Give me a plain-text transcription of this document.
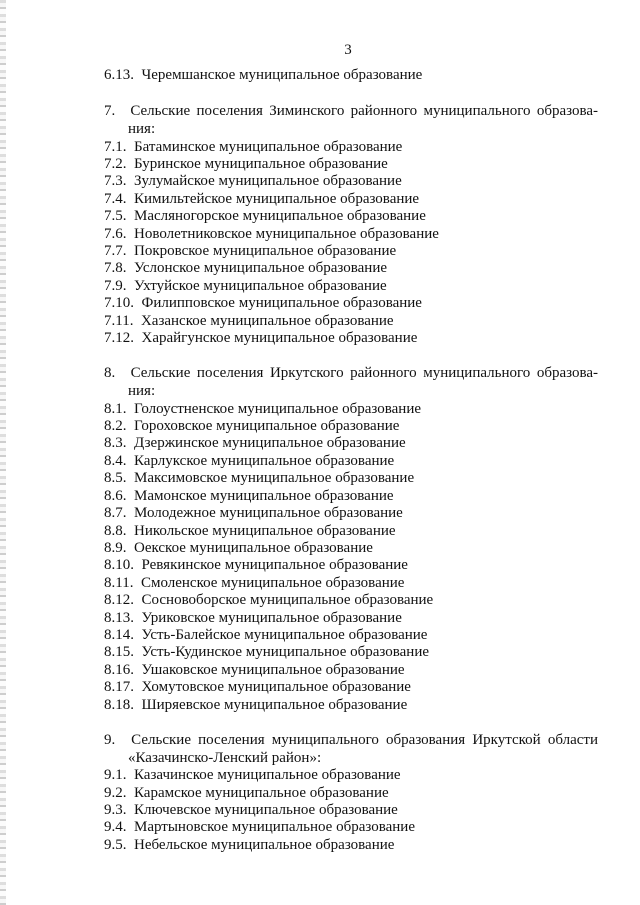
3
6.13. Черемшанское муниципальное образование
7. Сельские поселения Зиминского районного муниципального образова-
ния:
7.1. Батаминское муниципальное образование
7.2. Буринское муниципальное образование
7.3. Зулумайское муниципальное образование
7.4. Кимильтейское муниципальное образование
7.5. Масляногорское муниципальное образование
7.6. Новолетниковское муниципальное образование
7.7. Покровское муниципальное образование
7.8. Услонское муниципальное образование
7.9. Ухтуйское муниципальное образование
7.10. Филипповское муниципальное образование
7.11. Хазанское муниципальное образование
7.12. Харайгунское муниципальное образование
8. Сельские поселения Иркутского районного муниципального образова-
ния:
8.1. Голоустненское муниципальное образование
8.2. Гороховское муниципальное образование
8.3. Дзержинское муниципальное образование
8.4. Карлукское муниципальное образование
8.5. Максимовское муниципальное образование
8.6. Мамонское муниципальное образование
8.7. Молодежное муниципальное образование
8.8. Никольское муниципальное образование
8.9. Оекское муниципальное образование
8.10. Ревякинское муниципальное образование
8.11. Смоленское муниципальное образование
8.12. Сосновоборское муниципальное образование
8.13. Уриковское муниципальное образование
8.14. Усть-Балейское муниципальное образование
8.15. Усть-Кудинское муниципальное образование
8.16. Ушаковское муниципальное образование
8.17. Хомутовское муниципальное образование
8.18. Ширяевское муниципальное образование
9. Сельские поселения муниципального образования Иркутской области
«Казачинско-Ленский район»:
9.1. Казачинское муниципальное образование
9.2. Карамское муниципальное образование
9.3. Ключевское муниципальное образование
9.4. Мартыновское муниципальное образование
9.5. Небельское муниципальное образование
